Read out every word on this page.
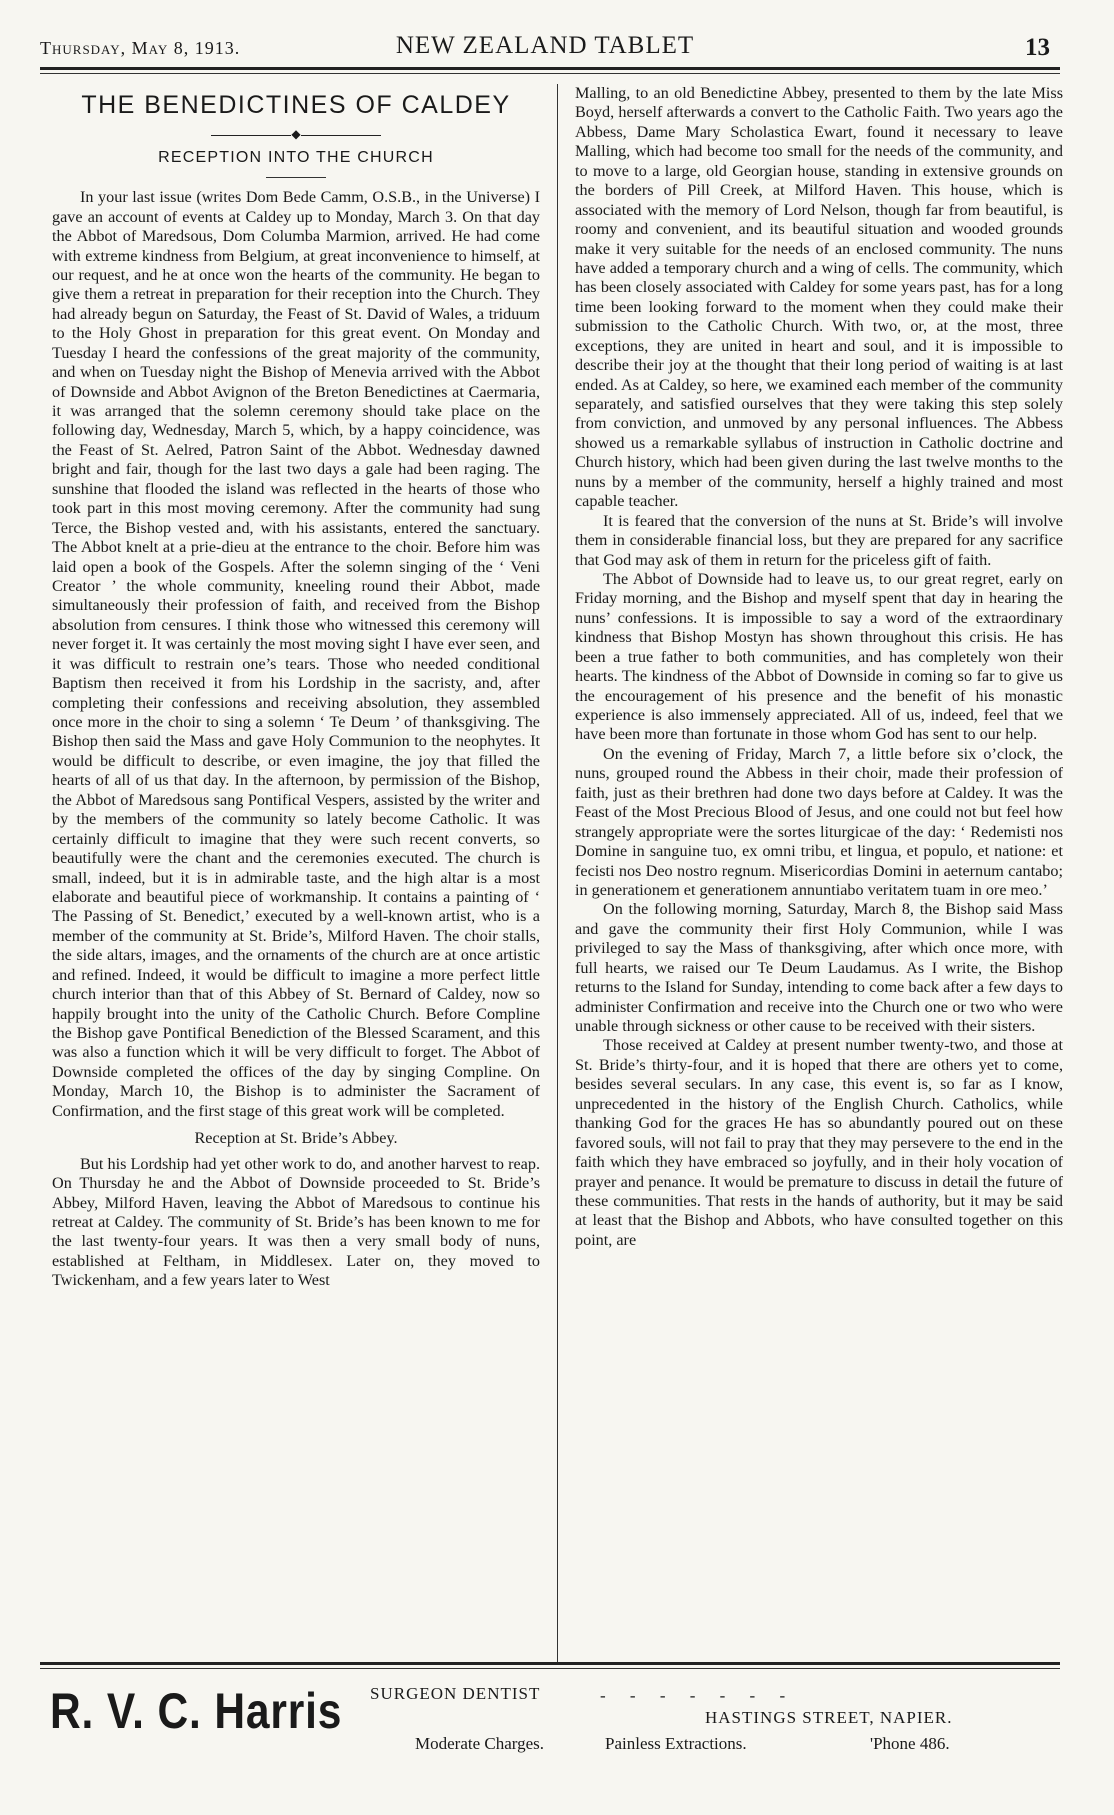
Thursday, May 8, 1913.	NEW ZEALAND TABLET	13
THE BENEDICTINES OF CALDEY
◆
RECEPTION INTO THE CHURCH

In your last issue (writes Dom Bede Camm, O.S.B., in the Universe) I gave an account of events at Caldey up to Monday, March 3. On that day the Abbot of Maredsous, Dom Columba Marmion, arrived. He had come with extreme kindness from Belgium, at great inconvenience to himself, at our request, and he at once won the hearts of the community. He began to give them a retreat in preparation for their reception into the Church. They had already begun on Saturday, the Feast of St. David of Wales, a triduum to the Holy Ghost in preparation for this great event. On Monday and Tuesday I heard the confessions of the great majority of the community, and when on Tuesday night the Bishop of Menevia arrived with the Abbot of Downside and Abbot Avignon of the Breton Benedictines at Caermaria, it was arranged that the solemn ceremony should take place on the following day, Wednesday, March 5, which, by a happy coincidence, was the Feast of St. Aelred, Patron Saint of the Abbot. Wednesday dawned bright and fair, though for the last two days a gale had been raging. The sunshine that flooded the island was reflected in the hearts of those who took part in this most moving ceremony. After the community had sung Terce, the Bishop vested and, with his assistants, entered the sanctuary. The Abbot knelt at a prie-dieu at the entrance to the choir. Before him was laid open a book of the Gospels. After the solemn singing of the ‘ Veni Creator ’ the whole community, kneeling round their Abbot, made simultaneously their profession of faith, and received from the Bishop absolution from censures. I think those who witnessed this ceremony will never forget it. It was certainly the most moving sight I have ever seen, and it was difficult to restrain one’s tears. Those who needed conditional Baptism then received it from his Lordship in the sacristy, and, after completing their confessions and receiving absolution, they assembled once more in the choir to sing a solemn ‘ Te Deum ’ of thanksgiving. The Bishop then said the Mass and gave Holy Communion to the neophytes. It would be difficult to describe, or even imagine, the joy that filled the hearts of all of us that day. In the afternoon, by permission of the Bishop, the Abbot of Maredsous sang Pontifical Vespers, assisted by the writer and by the members of the community so lately become Catholic. It was certainly difficult to imagine that they were such recent converts, so beautifully were the chant and the ceremonies executed. The church is small, indeed, but it is in admirable taste, and the high altar is a most elaborate and beautiful piece of workmanship. It contains a painting of ‘ The Passing of St. Benedict,’ executed by a well-known artist, who is a member of the community at St. Bride’s, Milford Haven. The choir stalls, the side altars, images, and the ornaments of the church are at once artistic and refined. Indeed, it would be difficult to imagine a more perfect little church interior than that of this Abbey of St. Bernard of Caldey, now so happily brought into the unity of the Catholic Church. Before Compline the Bishop gave Pontifical Benediction of the Blessed Scarament, and this was also a function which it will be very difficult to forget. The Abbot of Downside completed the offices of the day by singing Compline. On Monday, March 10, the Bishop is to administer the Sacrament of Confirmation, and the first stage of this great work will be completed.

Reception at St. Bride’s Abbey.

But his Lordship had yet other work to do, and another harvest to reap. On Thursday he and the Abbot of Downside proceeded to St. Bride’s Abbey, Milford Haven, leaving the Abbot of Maredsous to continue his retreat at Caldey. The community of St. Bride’s has been known to me for the last twenty-four years. It was then a very small body of nuns, established at Feltham, in Middlesex. Later on, they moved to Twickenham, and a few years later to West

Malling, to an old Benedictine Abbey, presented to them by the late Miss Boyd, herself afterwards a convert to the Catholic Faith. Two years ago the Abbess, Dame Mary Scholastica Ewart, found it necessary to leave Malling, which had become too small for the needs of the community, and to move to a large, old Georgian house, standing in extensive grounds on the borders of Pill Creek, at Milford Haven. This house, which is associated with the memory of Lord Nelson, though far from beautiful, is roomy and convenient, and its beautiful situation and wooded grounds make it very suitable for the needs of an enclosed community. The nuns have added a temporary church and a wing of cells. The community, which has been closely associated with Caldey for some years past, has for a long time been looking forward to the moment when they could make their submission to the Catholic Church. With two, or, at the most, three exceptions, they are united in heart and soul, and it is impossible to describe their joy at the thought that their long period of waiting is at last ended. As at Caldey, so here, we examined each member of the community separately, and satisfied ourselves that they were taking this step solely from conviction, and unmoved by any personal influences. The Abbess showed us a remarkable syllabus of instruction in Catholic doctrine and Church history, which had been given during the last twelve months to the nuns by a member of the community, herself a highly trained and most capable teacher.

It is feared that the conversion of the nuns at St. Bride’s will involve them in considerable financial loss, but they are prepared for any sacrifice that God may ask of them in return for the priceless gift of faith.

The Abbot of Downside had to leave us, to our great regret, early on Friday morning, and the Bishop and myself spent that day in hearing the nuns’ confessions. It is impossible to say a word of the extraordinary kindness that Bishop Mostyn has shown throughout this crisis. He has been a true father to both communities, and has completely won their hearts. The kindness of the Abbot of Downside in coming so far to give us the encouragement of his presence and the benefit of his monastic experience is also immensely appreciated. All of us, indeed, feel that we have been more than fortunate in those whom God has sent to our help.

On the evening of Friday, March 7, a little before six o’clock, the nuns, grouped round the Abbess in their choir, made their profession of faith, just as their brethren had done two days before at Caldey. It was the Feast of the Most Precious Blood of Jesus, and one could not but feel how strangely appropriate were the sortes liturgicae of the day: ‘ Redemisti nos Domine in sanguine tuo, ex omni tribu, et lingua, et populo, et natione: et fecisti nos Deo nostro regnum. Misericordias Domini in aeternum cantabo; in generationem et generationem annuntiabo veritatem tuam in ore meo.’

On the following morning, Saturday, March 8, the Bishop said Mass and gave the community their first Holy Communion, while I was privileged to say the Mass of thanksgiving, after which once more, with full hearts, we raised our Te Deum Laudamus. As I write, the Bishop returns to the Island for Sunday, intending to come back after a few days to administer Confirmation and receive into the Church one or two who were unable through sickness or other cause to be received with their sisters.

Those received at Caldey at present number twenty-two, and those at St. Bride’s thirty-four, and it is hoped that there are others yet to come, besides several seculars. In any case, this event is, so far as I know, unprecedented in the history of the English Church. Catholics, while thanking God for the graces He has so abundantly poured out on these favored souls, will not fail to pray that they may persevere to the end in the faith which they have embraced so joyfully, and in their holy vocation of prayer and penance. It would be premature to discuss in detail the future of these communities. That rests in the hands of authority, but it may be said at least that the Bishop and Abbots, who have consulted together on this point, are

R. V. C. Harris SURGEON DENTIST	- - - - - - -
HASTINGS STREET, NAPIER.
Moderate Charges.	Painless Extractions.	'Phone 486.
